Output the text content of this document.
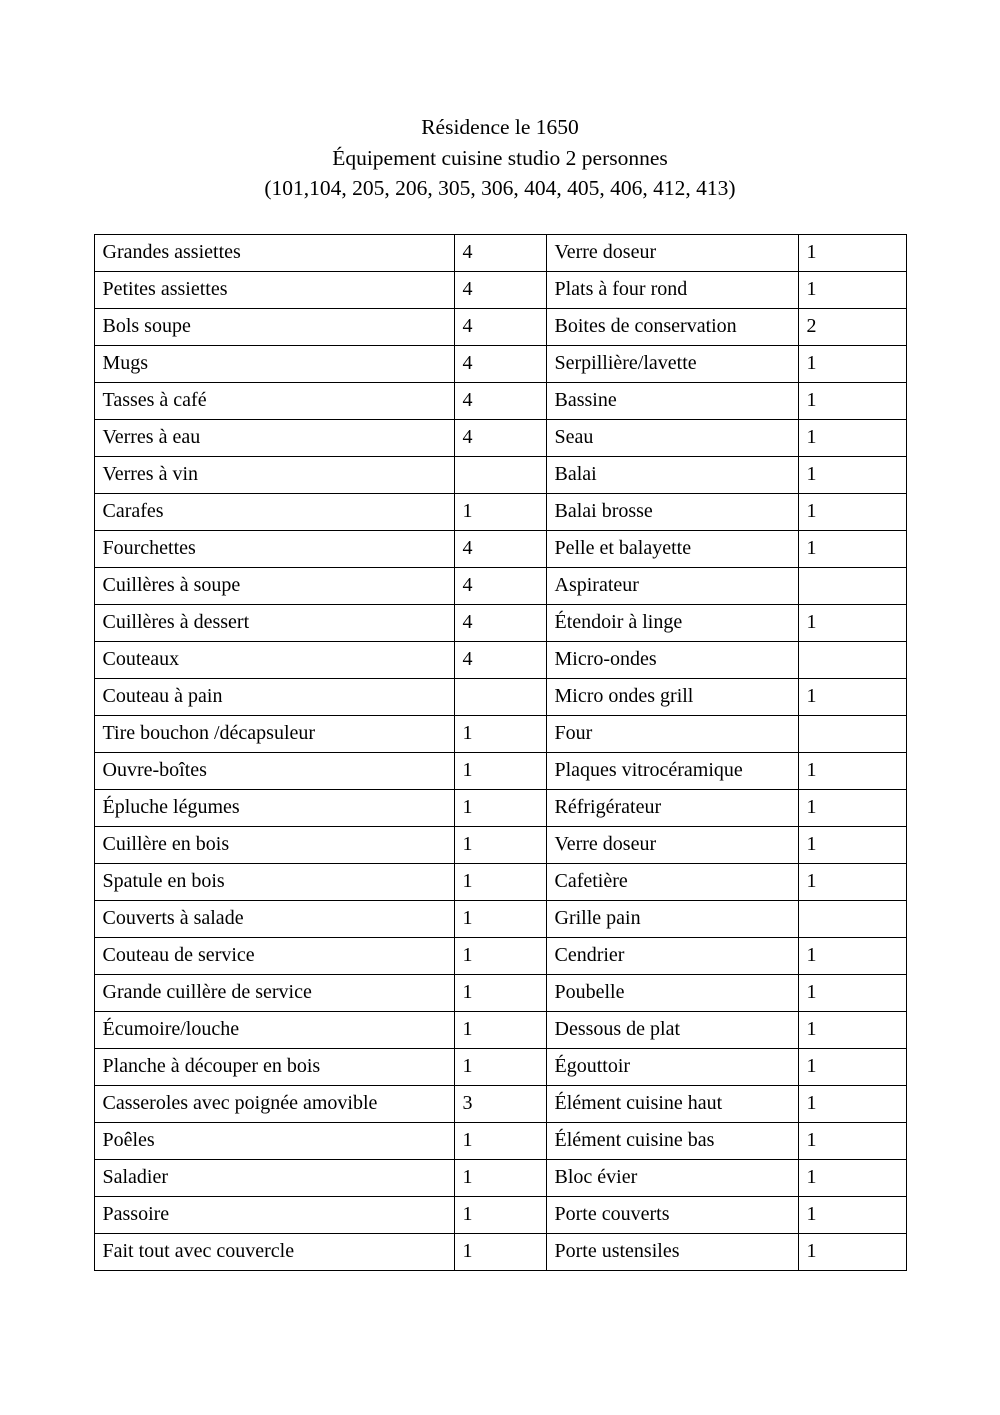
Résidence le 1650
Équipement cuisine studio 2 personnes
(101,104, 205, 206, 305, 306, 404, 405, 406, 412, 413)
Grandes assiettes	4	Verre doseur	1
Petites assiettes	4	Plats à four rond	1
Bols soupe	4	Boites de conservation	2
Mugs	4	Serpillière/lavette	1
Tasses à café	4	Bassine	1
Verres à eau	4	Seau	1
Verres à vin		Balai	1
Carafes	1	Balai brosse	1
Fourchettes	4	Pelle et balayette	1
Cuillères à soupe	4	Aspirateur	
Cuillères à dessert	4	Étendoir à linge	1
Couteaux	4	Micro-ondes	
Couteau à pain		Micro ondes grill	1
Tire bouchon /décapsuleur	1	Four	
Ouvre-boîtes	1	Plaques vitrocéramique	1
Épluche légumes	1	Réfrigérateur	1
Cuillère en bois	1	Verre doseur	1
Spatule en bois	1	Cafetière	1
Couverts à salade	1	Grille pain	
Couteau de service	1	Cendrier	1
Grande cuillère de service	1	Poubelle	1
Écumoire/louche	1	Dessous de plat	1
Planche à découper en bois	1	Égouttoir	1
Casseroles avec poignée amovible	3	Élément cuisine haut	1
Poêles	1	Élément cuisine bas	1
Saladier	1	Bloc évier	1
Passoire	1	Porte couverts	1
Fait tout avec couvercle	1	Porte ustensiles	1
